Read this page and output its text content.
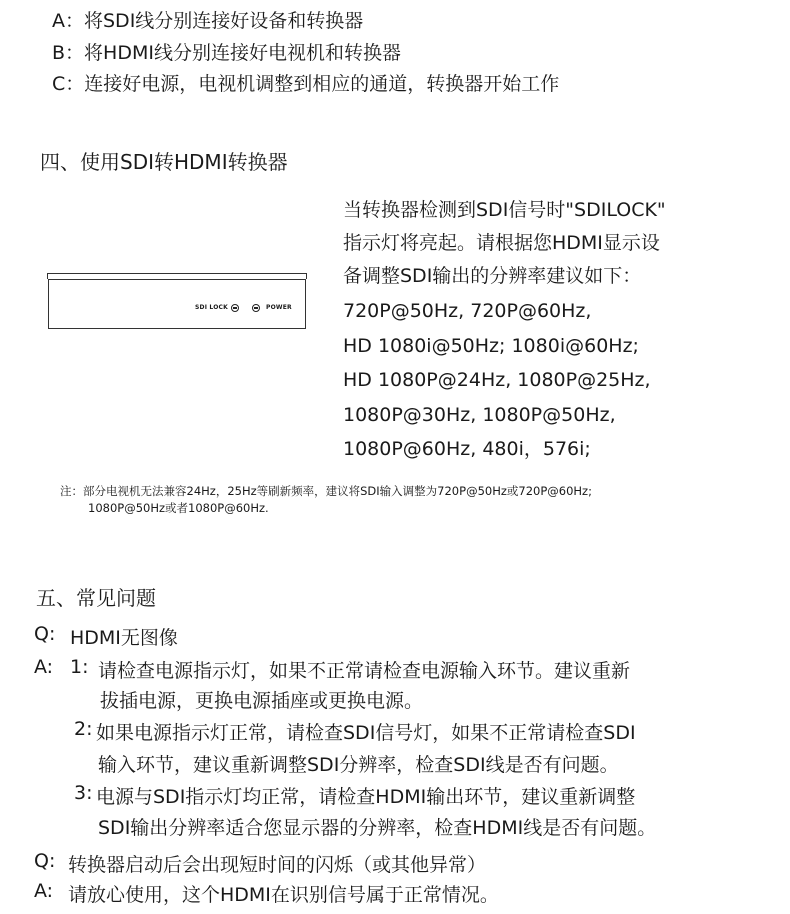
A：将SDI线分别连接好设备和转换器
B：将HDMI线分别连接好电视机和转换器
C：连接好电源，电视机调整到相应的通道，转换器开始工作
四、使用SDI转HDMI转换器
当转换器检测到SDI信号时"SDILOCK"
指示灯将亮起。请根据您HDMI显示设
备调整SDI输出的分辨率建议如下：
720P@50Hz, 720P@60Hz,
HD 1080i@50Hz; 1080i@60Hz;
HD 1080P@24Hz, 1080P@25Hz,
1080P@30Hz, 1080P@50Hz,
1080P@60Hz, 480i，576i;
SDI LOCK	POWER
注：部分电视机无法兼容24Hz，25Hz等刷新频率，建议将SDI输入调整为720P@50Hz或720P@60Hz;
1080P@50Hz或者1080P@60Hz.
五、常见问题
Q: HDMI无图像
A: 1: 请检查电源指示灯，如果不正常请检查电源输入环节。建议重新
拔插电源，更换电源插座或更换电源。
2: 如果电源指示灯正常，请检查SDI信号灯，如果不正常请检查SDI
输入环节，建议重新调整SDI分辨率，检查SDI线是否有问题。
3: 电源与SDI指示灯均正常，请检查HDMI输出环节，建议重新调整
SDI输出分辨率适合您显示器的分辨率，检查HDMI线是否有问题。
Q: 转换器启动后会出现短时间的闪烁（或其他异常）
A: 请放心使用，这个HDMI在识别信号属于正常情况。
